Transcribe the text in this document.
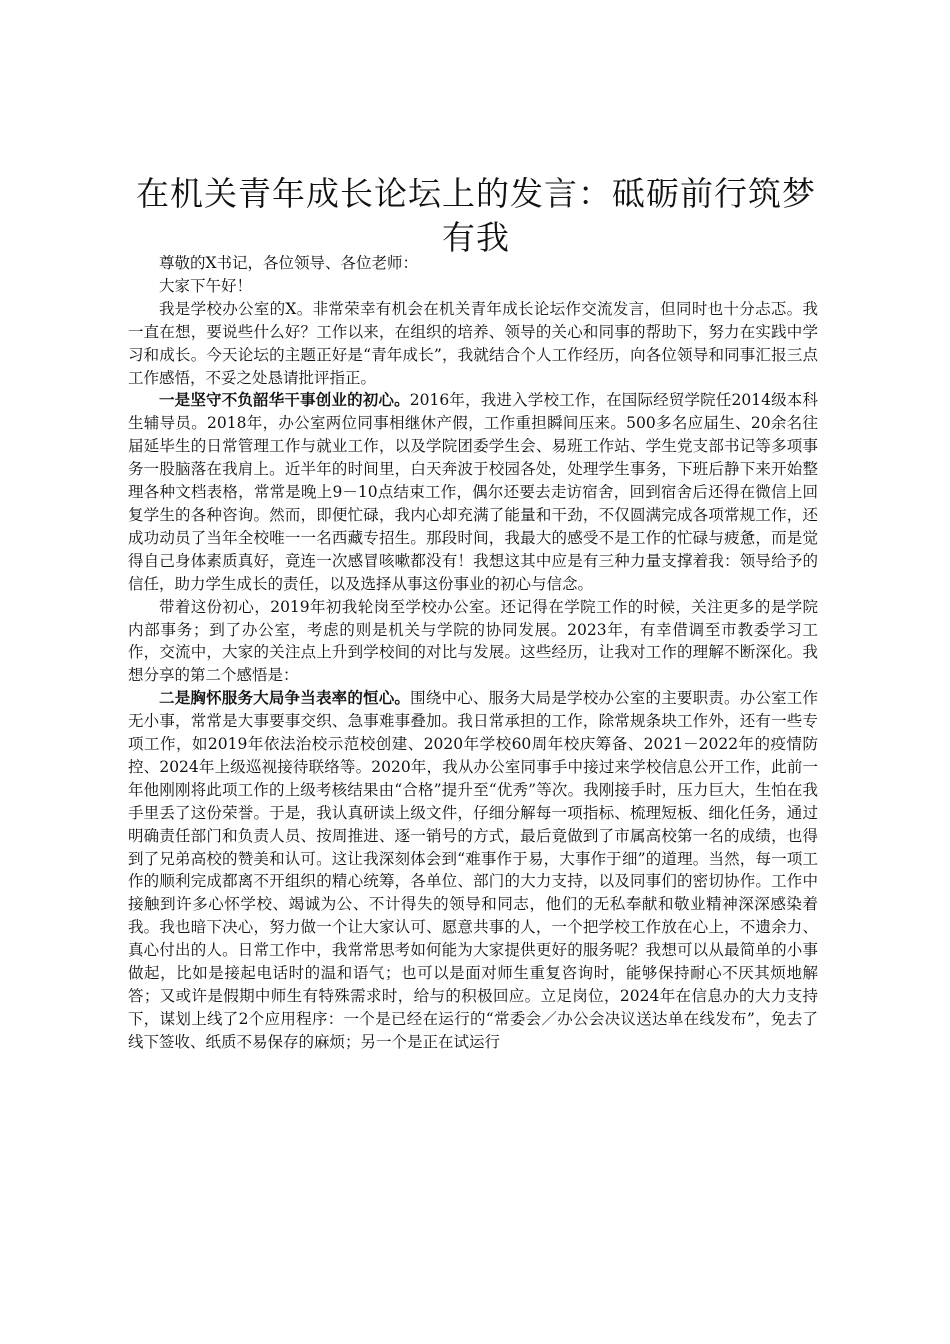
在机关青年成长论坛上的发言：砥砺前行筑梦有我

尊敬的X书记，各位领导、各位老师：

大家下午好！

我是学校办公室的X。非常荣幸有机会在机关青年成长论坛作交流发言，但同时也十分忐忑。我一直在想，要说些什么好？工作以来，在组织的培养、领导的关心和同事的帮助下，努力在实践中学习和成长。今天论坛的主题正好是“青年成长”，我就结合个人工作经历，向各位领导和同事汇报三点工作感悟，不妥之处恳请批评指正。

一是坚守不负韶华干事创业的初心。2016年，我进入学校工作，在国际经贸学院任2014级本科生辅导员。2018年，办公室两位同事相继休产假，工作重担瞬间压来。500多名应届生、20余名往届延毕生的日常管理工作与就业工作，以及学院团委学生会、易班工作站、学生党支部书记等多项事务一股脑落在我肩上。近半年的时间里，白天奔波于校园各处，处理学生事务，下班后静下来开始整理各种文档表格，常常是晚上9－10点结束工作，偶尔还要去走访宿舍，回到宿舍后还得在微信上回复学生的各种咨询。然而，即便忙碌，我内心却充满了能量和干劲，不仅圆满完成各项常规工作，还成功动员了当年全校唯一一名西藏专招生。那段时间，我最大的感受不是工作的忙碌与疲惫，而是觉得自己身体素质真好，竟连一次感冒咳嗽都没有！我想这其中应是有三种力量支撑着我：领导给予的信任，助力学生成长的责任，以及选择从事这份事业的初心与信念。

带着这份初心，2019年初我轮岗至学校办公室。还记得在学院工作的时候，关注更多的是学院内部事务；到了办公室，考虑的则是机关与学院的协同发展。2023年，有幸借调至市教委学习工作，交流中，大家的关注点上升到学校间的对比与发展。这些经历，让我对工作的理解不断深化。我想分享的第二个感悟是：

二是胸怀服务大局争当表率的恒心。围绕中心、服务大局是学校办公室的主要职责。办公室工作无小事，常常是大事要事交织、急事难事叠加。我日常承担的工作，除常规条块工作外，还有一些专项工作，如2019年依法治校示范校创建、2020年学校60周年校庆筹备、2021－2022年的疫情防控、2024年上级巡视接待联络等。2020年，我从办公室同事手中接过来学校信息公开工作，此前一年他刚刚将此项工作的上级考核结果由“合格”提升至“优秀”等次。我刚接手时，压力巨大，生怕在我手里丢了这份荣誉。于是，我认真研读上级文件，仔细分解每一项指标、梳理短板、细化任务，通过明确责任部门和负责人员、按周推进、逐一销号的方式，最后竟做到了市属高校第一名的成绩，也得到了兄弟高校的赞美和认可。这让我深刻体会到“难事作于易，大事作于细”的道理。当然，每一项工作的顺利完成都离不开组织的精心统筹，各单位、部门的大力支持，以及同事们的密切协作。工作中接触到许多心怀学校、竭诚为公、不计得失的领导和同志，他们的无私奉献和敬业精神深深感染着我。我也暗下决心，努力做一个让大家认可、愿意共事的人，一个把学校工作放在心上，不遗余力、真心付出的人。日常工作中，我常常思考如何能为大家提供更好的服务呢？我想可以从最简单的小事做起，比如是接起电话时的温和语气；也可以是面对师生重复咨询时，能够保持耐心不厌其烦地解答；又或许是假期中师生有特殊需求时，给与的积极回应。立足岗位，2024年在信息办的大力支持下，谋划上线了2个应用程序：一个是已经在运行的“常委会／办公会决议送达单在线发布”，免去了线下签收、纸质不易保存的麻烦；另一个是正在试运行
